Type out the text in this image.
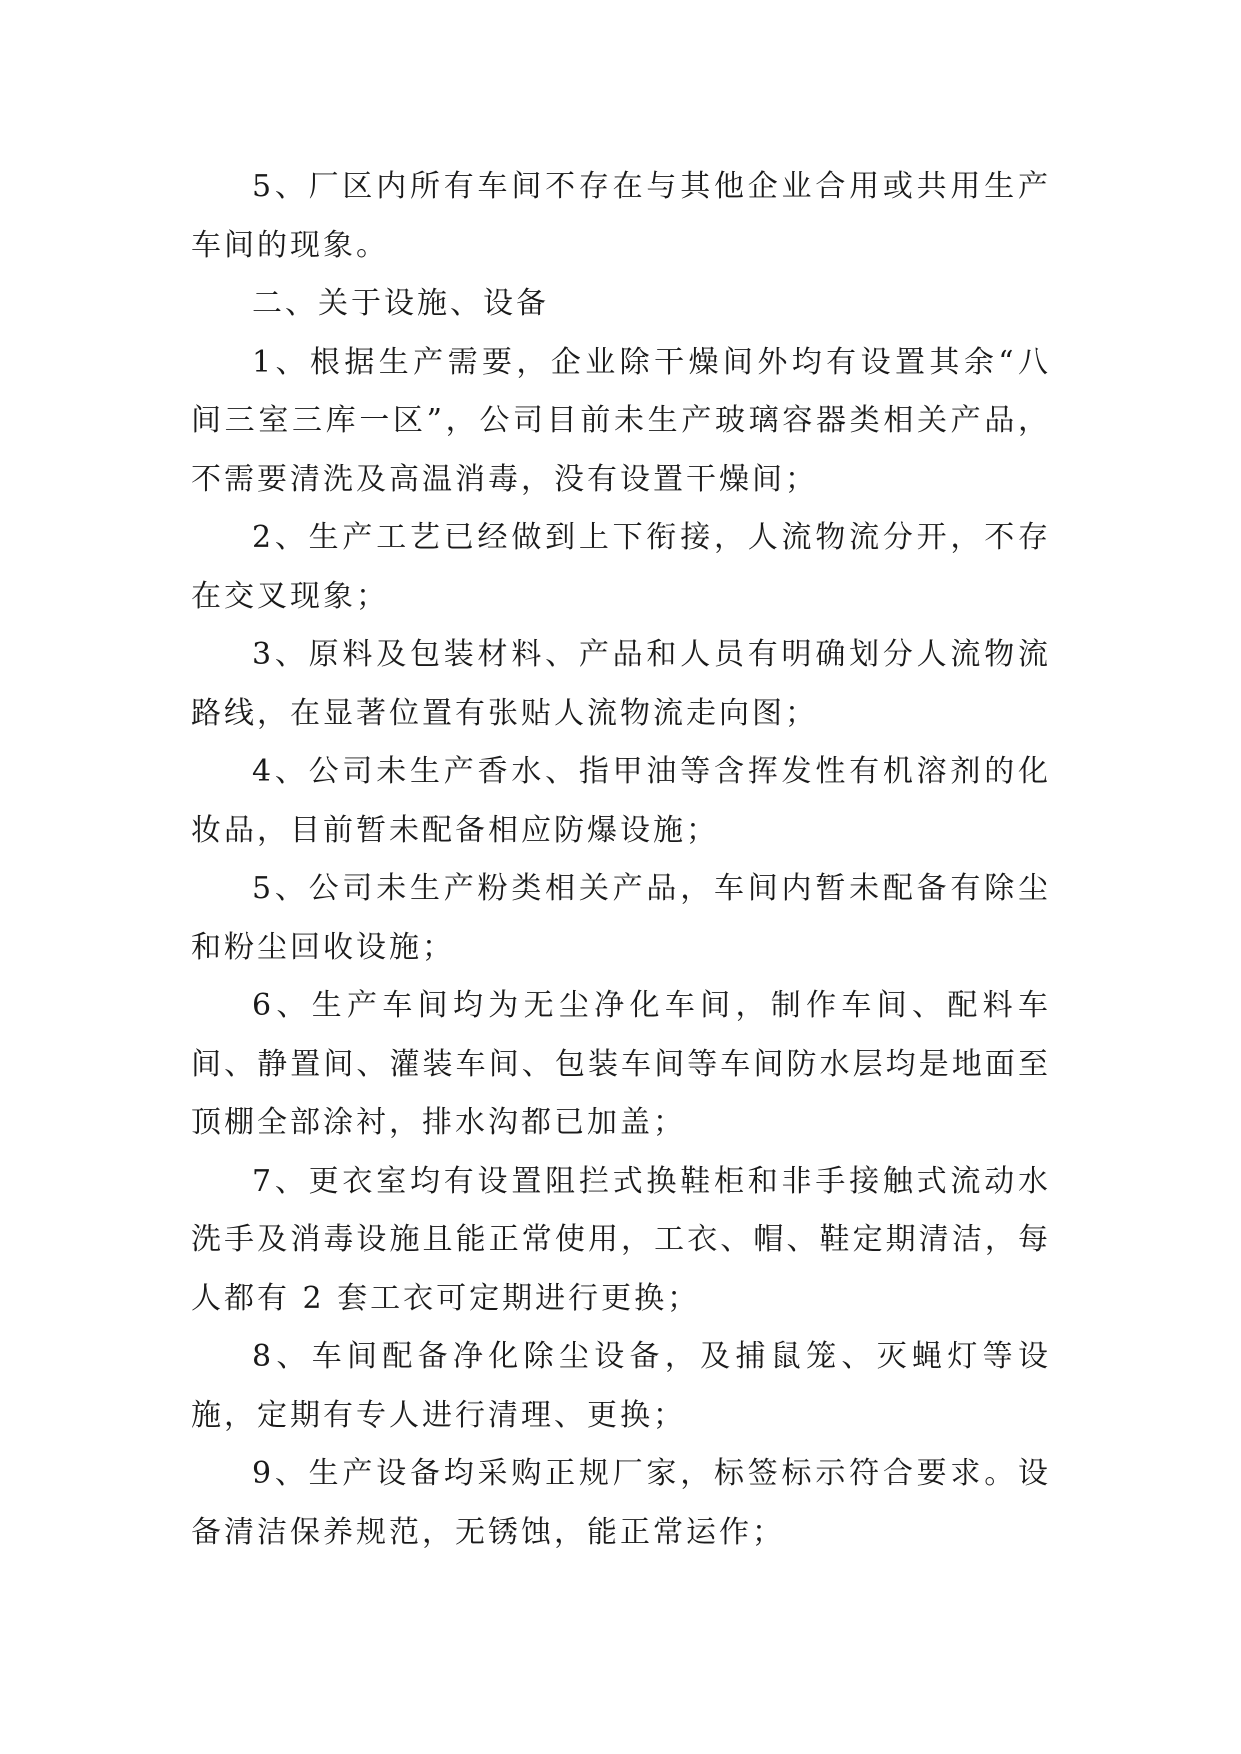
5、厂区内所有车间不存在与其他企业合用或共用生产车间的现象。

二、关于设施、设备

1、根据生产需要，企业除干燥间外均有设置其余“八间三室三库一区”，公司目前未生产玻璃容器类相关产品，不需要清洗及高温消毒，没有设置干燥间；

2、生产工艺已经做到上下衔接，人流物流分开，不存在交叉现象；

3、原料及包装材料、产品和人员有明确划分人流物流路线，在显著位置有张贴人流物流走向图；

4、公司未生产香水、指甲油等含挥发性有机溶剂的化妆品，目前暂未配备相应防爆设施；

5、公司未生产粉类相关产品，车间内暂未配备有除尘和粉尘回收设施；

6、生产车间均为无尘净化车间，制作车间、配料车间、静置间、灌装车间、包装车间等车间防水层均是地面至顶棚全部涂衬，排水沟都已加盖；

7、更衣室均有设置阻拦式换鞋柜和非手接触式流动水洗手及消毒设施且能正常使用，工衣、帽、鞋定期清洁，每人都有 2 套工衣可定期进行更换；

8、车间配备净化除尘设备，及捕鼠笼、灭蝇灯等设施，定期有专人进行清理、更换；

9、生产设备均采购正规厂家，标签标示符合要求。设备清洁保养规范，无锈蚀，能正常运作；
